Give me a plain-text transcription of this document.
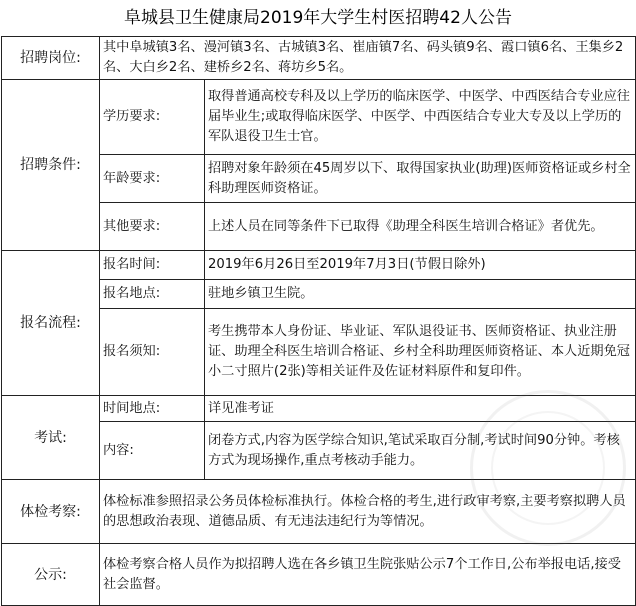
阜城县卫生健康局2019年大学生村医招聘42人公告
招聘岗位:	其中阜城镇3名、漫河镇3名、古城镇3名、崔庙镇7名、码头镇9名、霞口镇6名、王集乡2名、大白乡2名、建桥乡2名、蒋坊乡5名。	
招聘条件:	学历要求:	取得普通高校专科及以上学历的临床医学、中医学、中西医结合专业应往届毕业生;或取得临床医学、中医学、中西医结合专业大专及以上学历的军队退役卫生士官。
	年龄要求:	招聘对象年龄须在45周岁以下、取得国家执业(助理)医师资格证或乡村全科助理医师资格证。
	其他要求:	上述人员在同等条件下已取得《助理全科医生培训合格证》者优先。
报名流程:	报名时间:	2019年6月26日至2019年7月3日(节假日除外)
	报名地点:	驻地乡镇卫生院。
	报名须知:	考生携带本人身份证、毕业证、军队退役证书、医师资格证、执业注册证、助理全科医生培训合格证、乡村全科助理医师资格证、本人近期免冠小二寸照片(2张)等相关证件及佐证材料原件和复印件。
考试:	时间地点:	详见准考证
	内容:	闭卷方式,内容为医学综合知识,笔试采取百分制,考试时间90分钟。考核方式为现场操作,重点考核动手能力。
体检考察:	体检标准参照招录公务员体检标准执行。体检合格的考生,进行政审考察,主要考察拟聘人员的思想政治表现、道德品质、有无违法违纪行为等情况。	
公示:	体检考察合格人员作为拟招聘人选在各乡镇卫生院张贴公示7个工作日,公布举报电话,接受社会监督。	
